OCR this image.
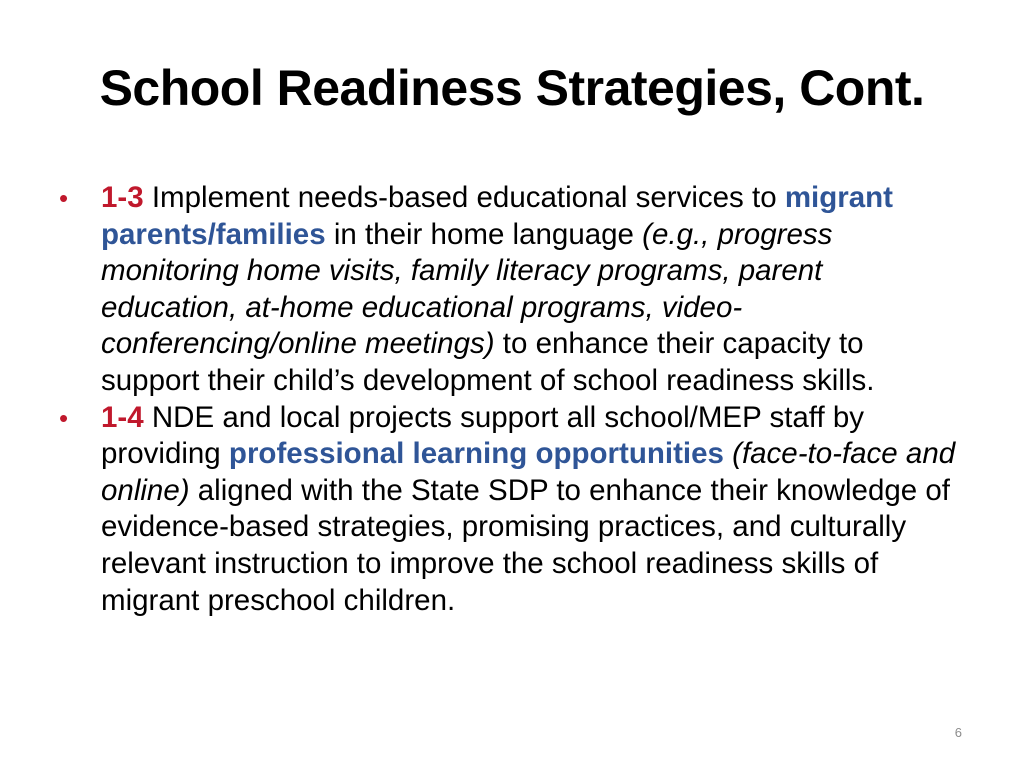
School Readiness Strategies, Cont.
• 1-3 Implement needs-based educational services to migrant parents/families in their home language (e.g., progress monitoring home visits, family literacy programs, parent education, at-home educational programs, video-conferencing/online meetings) to enhance their capacity to support their child’s development of school readiness skills.
• 1-4 NDE and local projects support all school/MEP staff by providing professional learning opportunities (face-to-face and online) aligned with the State SDP to enhance their knowledge of evidence-based strategies, promising practices, and culturally relevant instruction to improve the school readiness skills of migrant preschool children.
6
